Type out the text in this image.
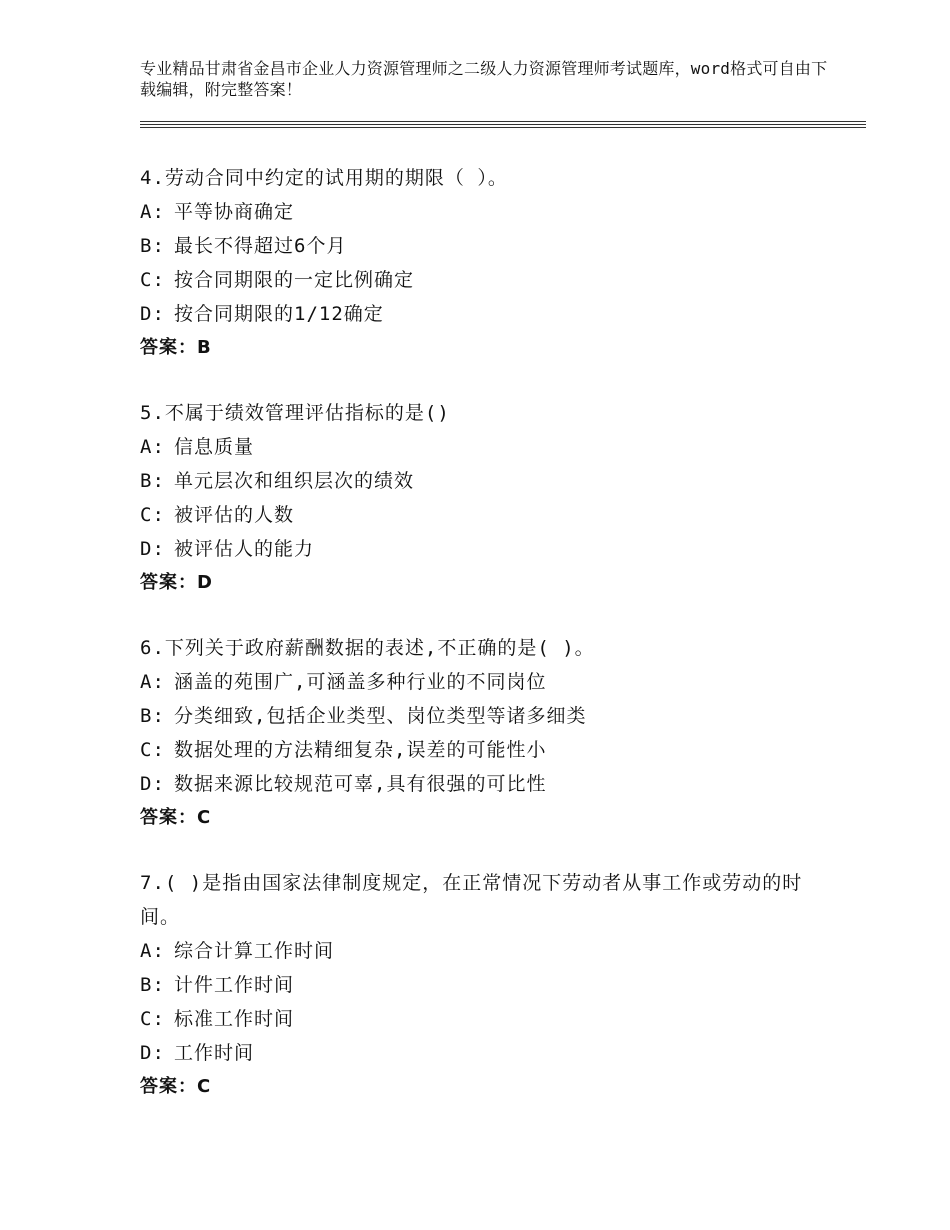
专业精品甘肃省金昌市企业人力资源管理师之二级人力资源管理师考试题库，word格式可自由下载编辑，附完整答案！
4.劳动合同中约定的试用期的期限（ ）。
A: 平等协商确定
B: 最长不得超过6个月
C: 按合同期限的一定比例确定
D: 按合同期限的1/12确定
答案：B
5.不属于绩效管理评估指标的是()
A: 信息质量
B: 单元层次和组织层次的绩效
C: 被评估的人数
D: 被评估人的能力
答案：D
6.下列关于政府薪酬数据的表述,不正确的是( )。
A: 涵盖的苑围广,可涵盖多种行业的不同岗位
B: 分类细致,包括企业类型、岗位类型等诸多细类
C: 数据处理的方法精细复杂,误差的可能性小
D: 数据来源比较规范可辜,具有很强的可比性
答案：C
7.( )是指由国家法律制度规定，在正常情况下劳动者从事工作或劳动的时间。
A: 综合计算工作时间
B: 计件工作时间
C: 标准工作时间
D: 工作时间
答案：C
